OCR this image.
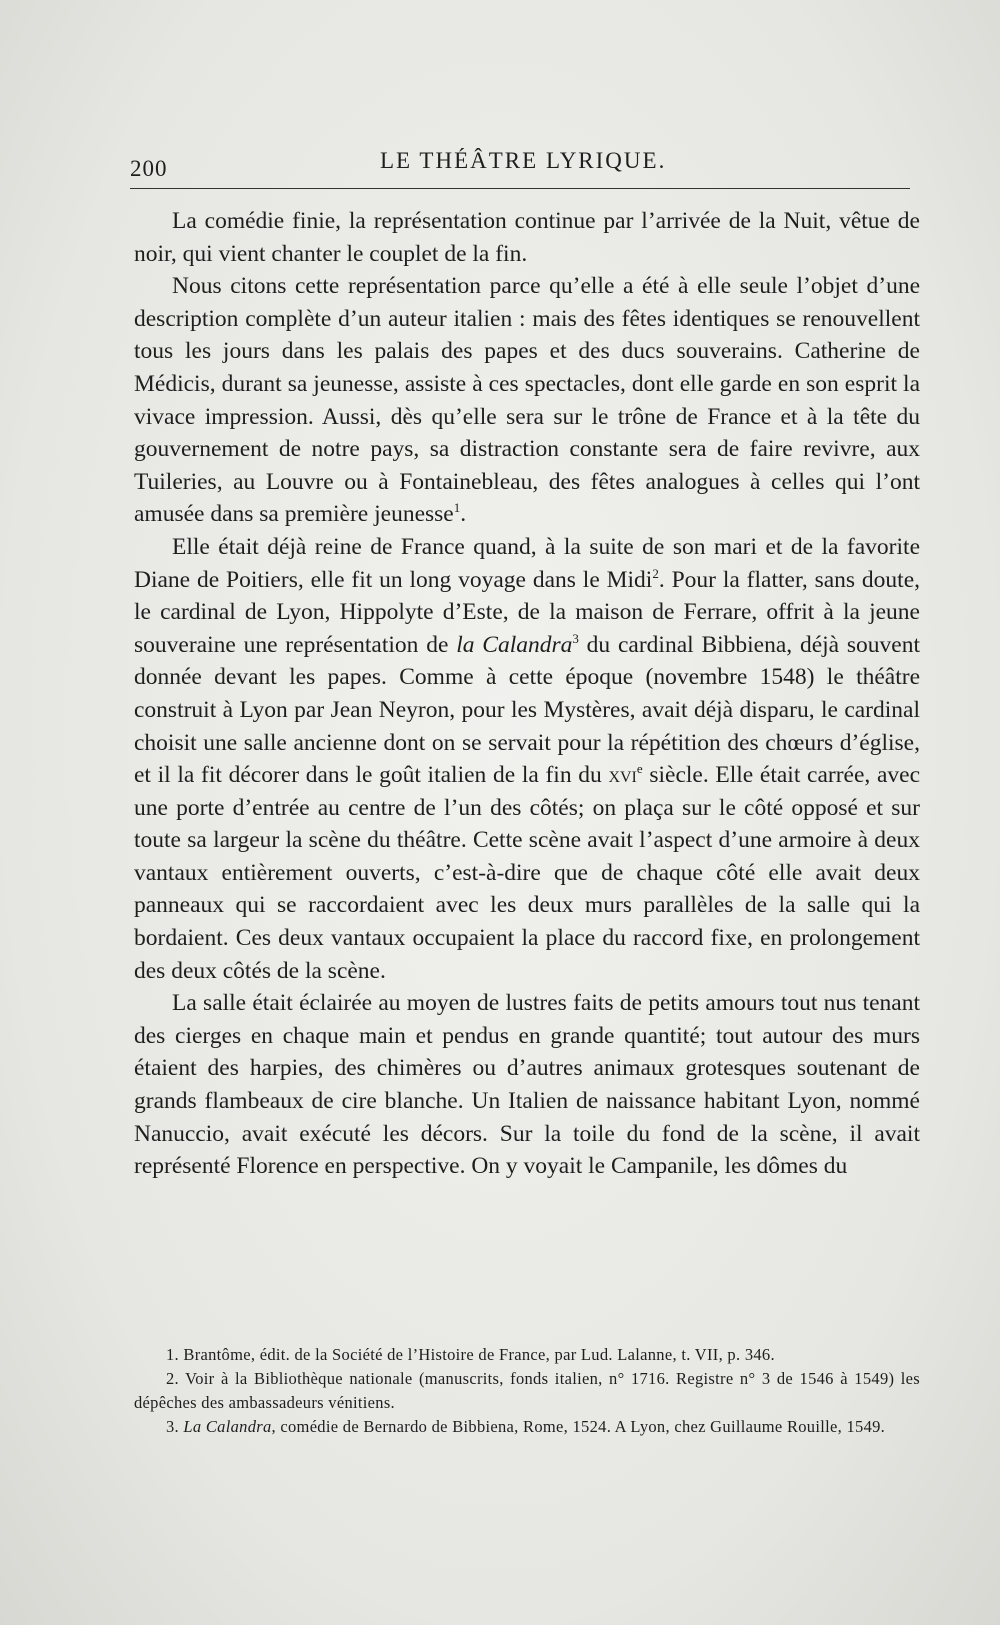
200	LE THÉÂTRE LYRIQUE.

La comédie finie, la représentation continue par l’arrivée de la Nuit, vêtue de noir, qui vient chanter le couplet de la fin.

Nous citons cette représentation parce qu’elle a été à elle seule l’objet d’une description complète d’un auteur italien : mais des fêtes identiques se renouvellent tous les jours dans les palais des papes et des ducs souverains. Catherine de Médicis, durant sa jeunesse, assiste à ces spectacles, dont elle garde en son esprit la vivace impression. Aussi, dès qu’elle sera sur le trône de France et à la tête du gouvernement de notre pays, sa distraction constante sera de faire revivre, aux Tuileries, au Louvre ou à Fontainebleau, des fêtes analogues à celles qui l’ont amusée dans sa première jeunesse$^1$.

Elle était déjà reine de France quand, à la suite de son mari et de la favorite Diane de Poitiers, elle fit un long voyage dans le Midi$^2$. Pour la flatter, sans doute, le cardinal de Lyon, Hippolyte d’Este, de la maison de Ferrare, offrit à la jeune souveraine une représentation de la Calandra$^3$ du cardinal Bibbiena, déjà souvent donnée devant les papes. Comme à cette époque (novembre 1548) le théâtre construit à Lyon par Jean Neyron, pour les Mystères, avait déjà disparu, le cardinal choisit une salle ancienne dont on se servait pour la répétition des chœurs d’église, et il la fit décorer dans le goût italien de la fin du xvi$^e$ siècle. Elle était carrée, avec une porte d’entrée au centre de l’un des côtés; on plaça sur le côté opposé et sur toute sa largeur la scène du théâtre. Cette scène avait l’aspect d’une armoire à deux vantaux entièrement ouverts, c’est-à-dire que de chaque côté elle avait deux panneaux qui se raccordaient avec les deux murs parallèles de la salle qui la bordaient. Ces deux vantaux occupaient la place du raccord fixe, en prolongement des deux côtés de la scène.

La salle était éclairée au moyen de lustres faits de petits amours tout nus tenant des cierges en chaque main et pendus en grande quantité; tout autour des murs étaient des harpies, des chimères ou d’autres animaux grotesques soutenant de grands flambeaux de cire blanche. Un Italien de naissance habitant Lyon, nommé Nanuccio, avait exécuté les décors. Sur la toile du fond de la scène, il avait représenté Florence en perspective. On y voyait le Campanile, les dômes du

1. Brantôme, édit. de la Société de l’Histoire de France, par Lud. Lalanne, t. VII, p. 346.

2. Voir à la Bibliothèque nationale (manuscrits, fonds italien, n° 1716. Registre n° 3 de 1546 à 1549) les dépêches des ambassadeurs vénitiens.

3. La Calandra, comédie de Bernardo de Bibbiena, Rome, 1524. A Lyon, chez Guillaume Rouille, 1549.
